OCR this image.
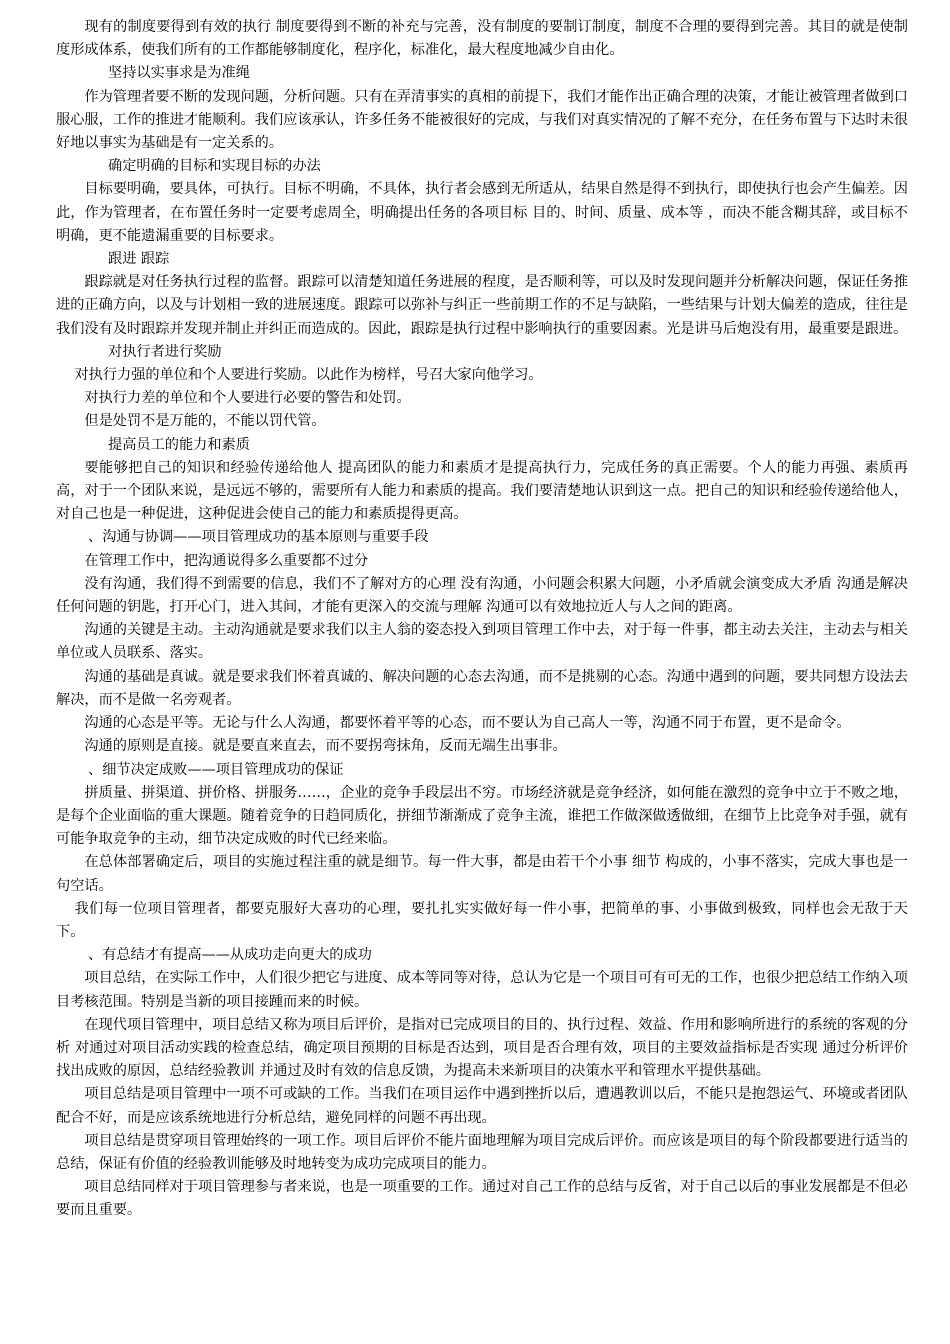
现有的制度要得到有效的执行 制度要得到不断的补充与完善，没有制度的要制订制度，制度不合理的要得到完善。其目的就是使制度形成体系，使我们所有的工作都能够制度化，程序化，标准化，最大程度地减少自由化。

坚持以实事求是为准绳

作为管理者要不断的发现问题，分析问题。只有在弄清事实的真相的前提下，我们才能作出正确合理的决策，才能让被管理者做到口服心服，工作的推进才能顺利。我们应该承认，许多任务不能被很好的完成，与我们对真实情况的了解不充分，在任务布置与下达时未很好地以事实为基础是有一定关系的。

确定明确的目标和实现目标的办法

目标要明确，要具体，可执行。目标不明确，不具体，执行者会感到无所适从，结果自然是得不到执行，即使执行也会产生偏差。因此，作为管理者，在布置任务时一定要考虑周全，明确提出任务的各项目标 目的、时间、质量、成本等 ，而决不能含糊其辞，或目标不明确，更不能遗漏重要的目标要求。

跟进 跟踪

跟踪就是对任务执行过程的监督。跟踪可以清楚知道任务进展的程度，是否顺利等，可以及时发现问题并分析解决问题，保证任务推进的正确方向，以及与计划相一致的进展速度。跟踪可以弥补与纠正一些前期工作的不足与缺陷，一些结果与计划大偏差的造成，往往是我们没有及时跟踪并发现并制止并纠正而造成的。因此，跟踪是执行过程中影响执行的重要因素。光是讲马后炮没有用，最重要是跟进。

对执行者进行奖励

对执行力强的单位和个人要进行奖励。以此作为榜样，号召大家向他学习。

对执行力差的单位和个人要进行必要的警告和处罚。

但是处罚不是万能的，不能以罚代管。

提高员工的能力和素质

要能够把自己的知识和经验传递给他人 提高团队的能力和素质才是提高执行力，完成任务的真正需要。个人的能力再强、素质再高，对于一个团队来说，是远远不够的，需要所有人能力和素质的提高。我们要清楚地认识到这一点。把自己的知识和经验传递给他人，对自己也是一种促进，这种促进会使自己的能力和素质提得更高。

、沟通与协调——项目管理成功的基本原则与重要手段

在管理工作中，把沟通说得多么重要都不过分

没有沟通，我们得不到需要的信息，我们不了解对方的心理 没有沟通，小问题会积累大问题，小矛盾就会演变成大矛盾 沟通是解决任何问题的钥匙，打开心门，进入其间，才能有更深入的交流与理解 沟通可以有效地拉近人与人之间的距离。

沟通的关键是主动。主动沟通就是要求我们以主人翁的姿态投入到项目管理工作中去，对于每一件事，都主动去关注，主动去与相关单位或人员联系、落实。

沟通的基础是真诚。就是要求我们怀着真诚的、解决问题的心态去沟通，而不是挑剔的心态。沟通中遇到的问题，要共同想方设法去解决，而不是做一名旁观者。

沟通的心态是平等。无论与什么人沟通，都要怀着平等的心态，而不要认为自己高人一等，沟通不同于布置，更不是命令。

沟通的原则是直接。就是要直来直去，而不要拐弯抹角，反而无端生出事非。

、细节决定成败——项目管理成功的保证

拼质量、拼渠道、拼价格、拼服务……，企业的竞争手段层出不穷。市场经济就是竞争经济，如何能在激烈的竞争中立于不败之地，是每个企业面临的重大课题。随着竞争的日趋同质化，拼细节渐渐成了竞争主流，谁把工作做深做透做细，在细节上比竞争对手强，就有可能争取竞争的主动，细节决定成败的时代已经来临。

在总体部署确定后，项目的实施过程注重的就是细节。每一件大事，都是由若干个小事 细节 构成的，小事不落实，完成大事也是一句空话。

我们每一位项目管理者，都要克服好大喜功的心理，要扎扎实实做好每一件小事，把简单的事、小事做到极致，同样也会无敌于天下。

、有总结才有提高——从成功走向更大的成功

项目总结，在实际工作中，人们很少把它与进度、成本等同等对待，总认为它是一个项目可有可无的工作，也很少把总结工作纳入项目考核范围。特别是当新的项目接踵而来的时候。

在现代项目管理中，项目总结又称为项目后评价，是指对已完成项目的目的、执行过程、效益、作用和影响所进行的系统的客观的分析 对通过对项目活动实践的检查总结，确定项目预期的目标是否达到，项目是否合理有效，项目的主要效益指标是否实现 通过分析评价找出成败的原因，总结经验教训 并通过及时有效的信息反馈，为提高未来新项目的决策水平和管理水平提供基础。

项目总结是项目管理中一项不可或缺的工作。当我们在项目运作中遇到挫折以后，遭遇教训以后，不能只是抱怨运气、环境或者团队配合不好，而是应该系统地进行分析总结，避免同样的问题不再出现。

项目总结是贯穿项目管理始终的一项工作。项目后评价不能片面地理解为项目完成后评价。而应该是项目的每个阶段都要进行适当的总结，保证有价值的经验教训能够及时地转变为成功完成项目的能力。

项目总结同样对于项目管理参与者来说，也是一项重要的工作。通过对自己工作的总结与反省，对于自己以后的事业发展都是不但必要而且重要。
